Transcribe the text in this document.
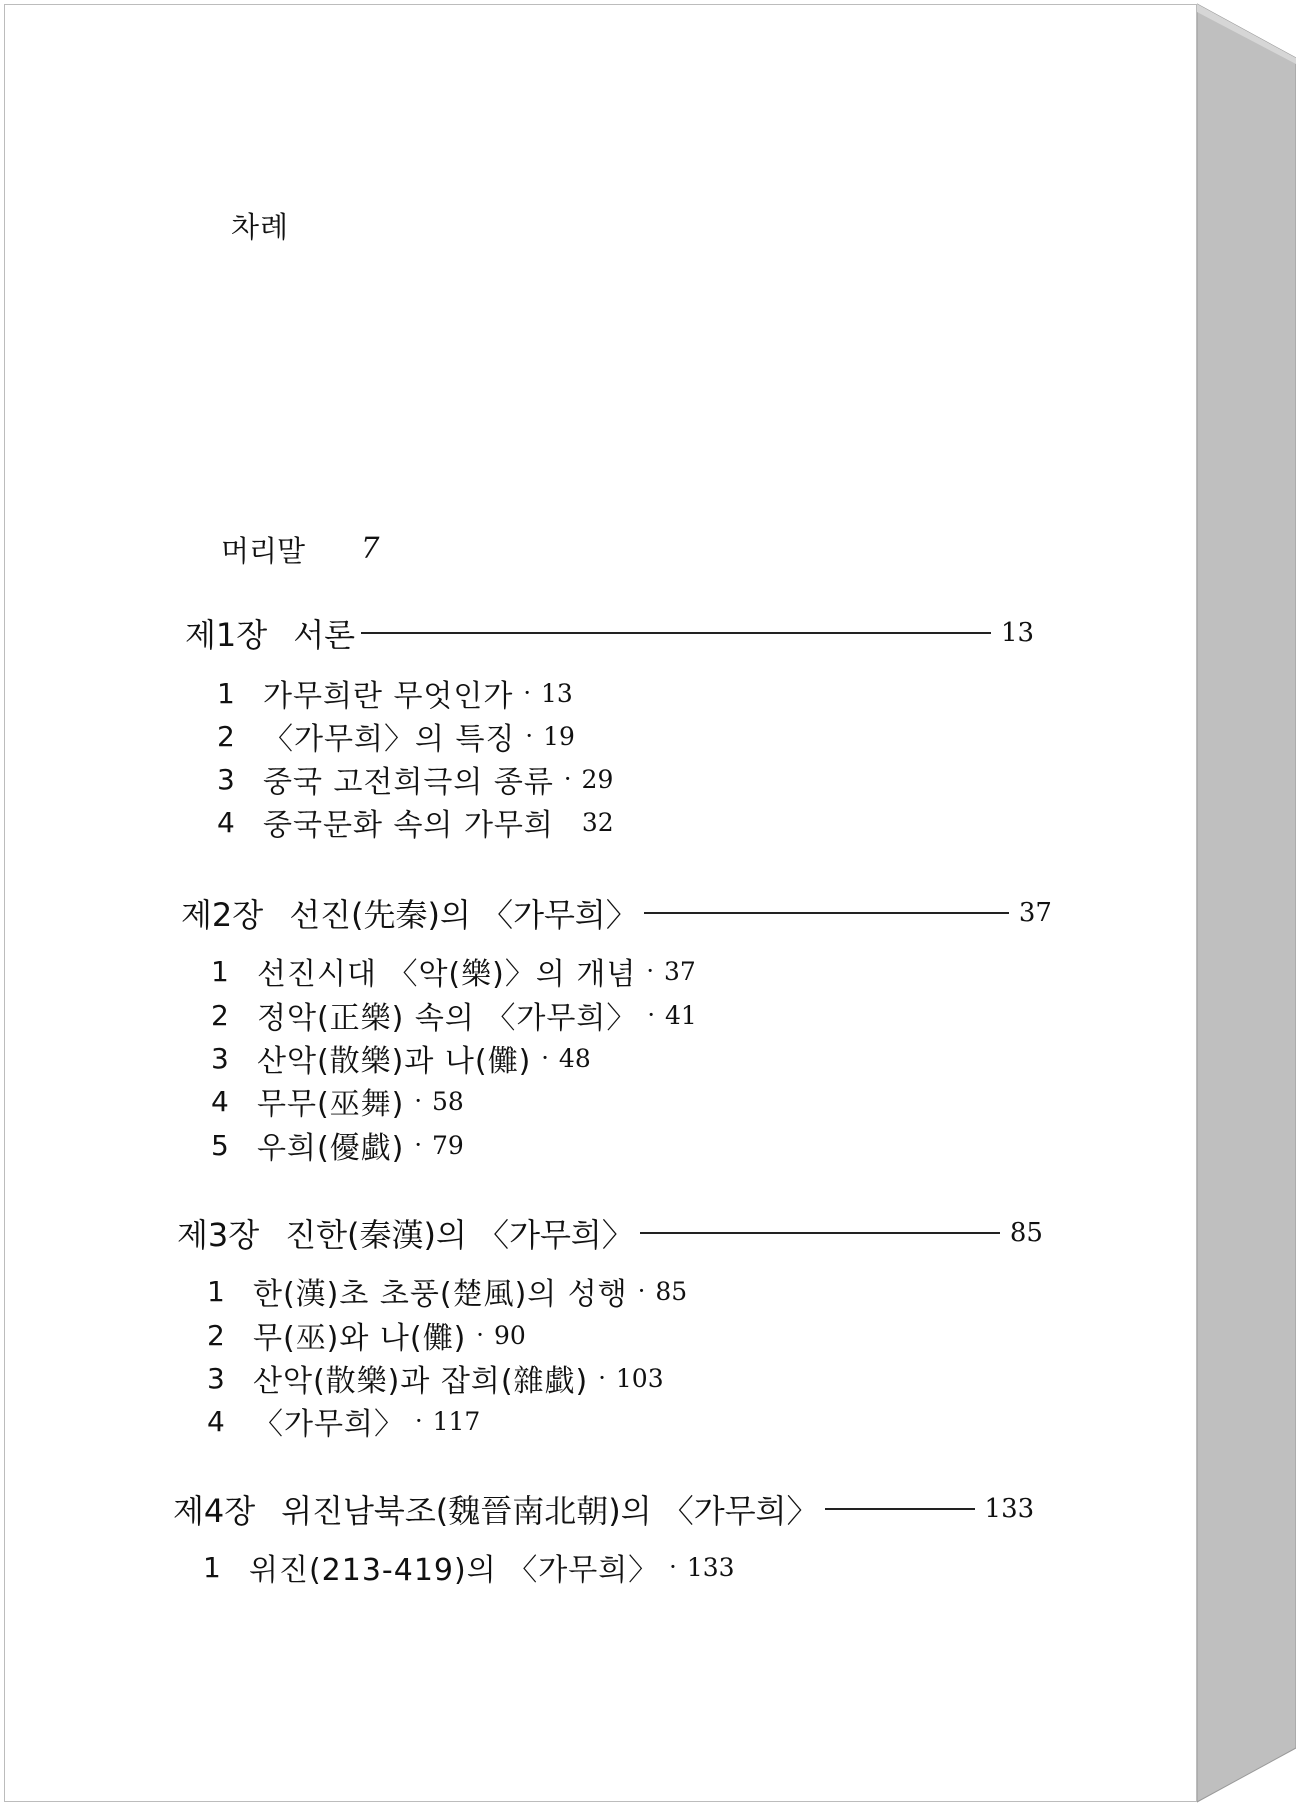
차례
머리말 7
제1장 서론	13
1 가무희란 무엇인가 · 13
2 〈가무희〉의 특징 · 19
3 중국 고전희극의 종류 · 29
4 중국문화 속의 가무희 32
제2장 선진(先秦)의 〈가무희〉	37
1 선진시대 〈악(樂)〉의 개념 · 37
2 정악(正樂) 속의 〈가무희〉 · 41
3 산악(散樂)과 나(儺) · 48
4 무무(巫舞) · 58
5 우희(優戱) · 79
제3장 진한(秦漢)의 〈가무희〉	85
1 한(漢)초 초풍(楚風)의 성행 · 85
2 무(巫)와 나(儺) · 90
3 산악(散樂)과 잡희(雜戱) · 103
4 〈가무희〉 · 117
제4장 위진남북조(魏晉南北朝)의 〈가무희〉	133
1 위진(213-419)의 〈가무희〉 · 133
